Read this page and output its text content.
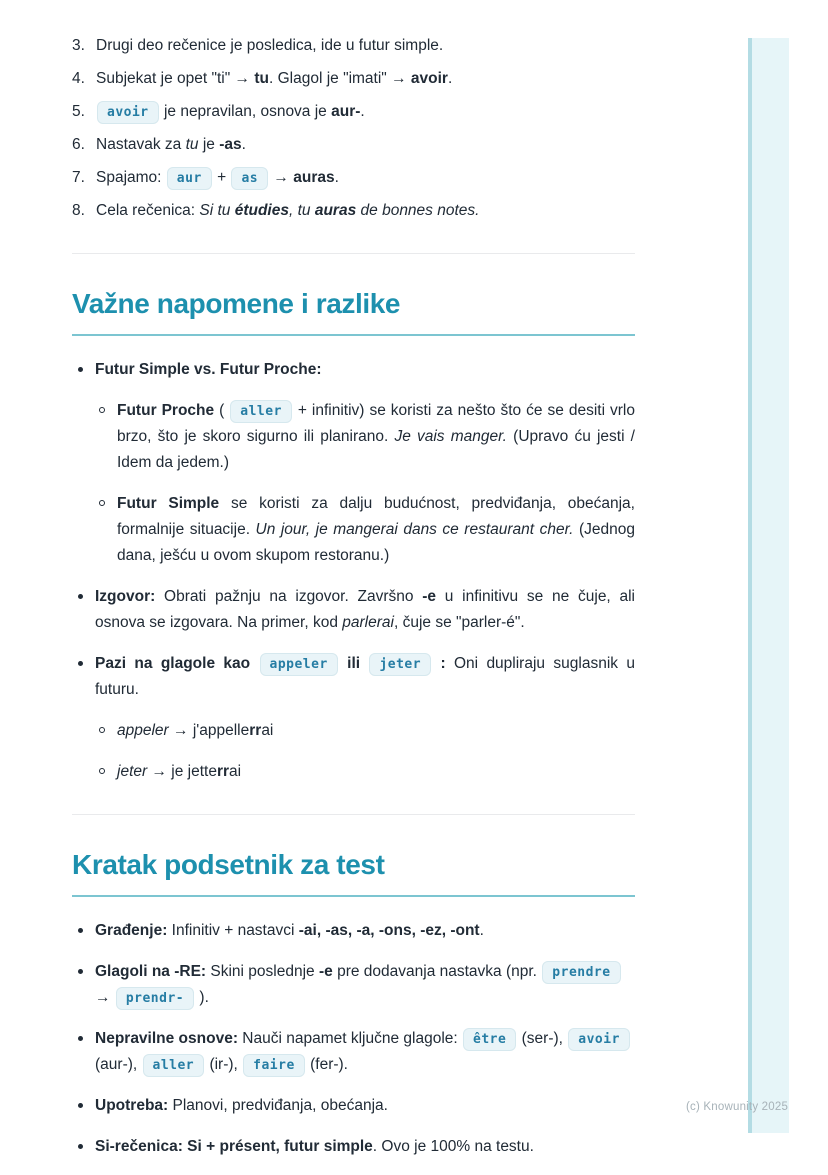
Drugi deo rečenice je posledica, ide u futur simple.
Subjekat je opet "ti" → tu. Glagol je "imati" → avoir.
avoir je nepravilan, osnova je aur-.
Nastavak za tu je -as.
Spajamo: aur + as → auras.
Cela rečenica: Si tu étudies, tu auras de bonnes notes.
Važne napomene i razlike
Futur Simple vs. Futur Proche:
Futur Proche ( aller + infinitiv) se koristi za nešto što će se desiti vrlo brzo, što je skoro sigurno ili planirano. Je vais manger. (Upravo ću jesti / Idem da jedem.)
Futur Simple se koristi za dalju budućnost, predviđanja, obećanja, formalnije situacije. Un jour, je mangerai dans ce restaurant cher. (Jednog dana, ješću u ovom skupom restoranu.)
Izgovor: Obrati pažnju na izgovor. Završno -e u infinitivu se ne čuje, ali osnova se izgovara. Na primer, kod parlerai, čuje se "parler-é".
Pazi na glagole kao appeler ili jeter : Oni dupliraju suglasnik u futuru.
appeler → j'appellerrai
jeter → je jetterrai
Kratak podsetnik za test
Građenje: Infinitiv + nastavci -ai, -as, -a, -ons, -ez, -ont.
Glagoli na -RE: Skini poslednje -e pre dodavanja nastavka (npr. prendre → prendr- ).
Nepravilne osnove: Nauči napamet ključne glagole: être (ser-), avoir (aur-), aller (ir-), faire (fer-).
Upotreba: Planovi, predviđanja, obećanja.
Si-rečenica: Si + présent, futur simple. Ovo je 100% na testu.
(c) Knowunity 2025
